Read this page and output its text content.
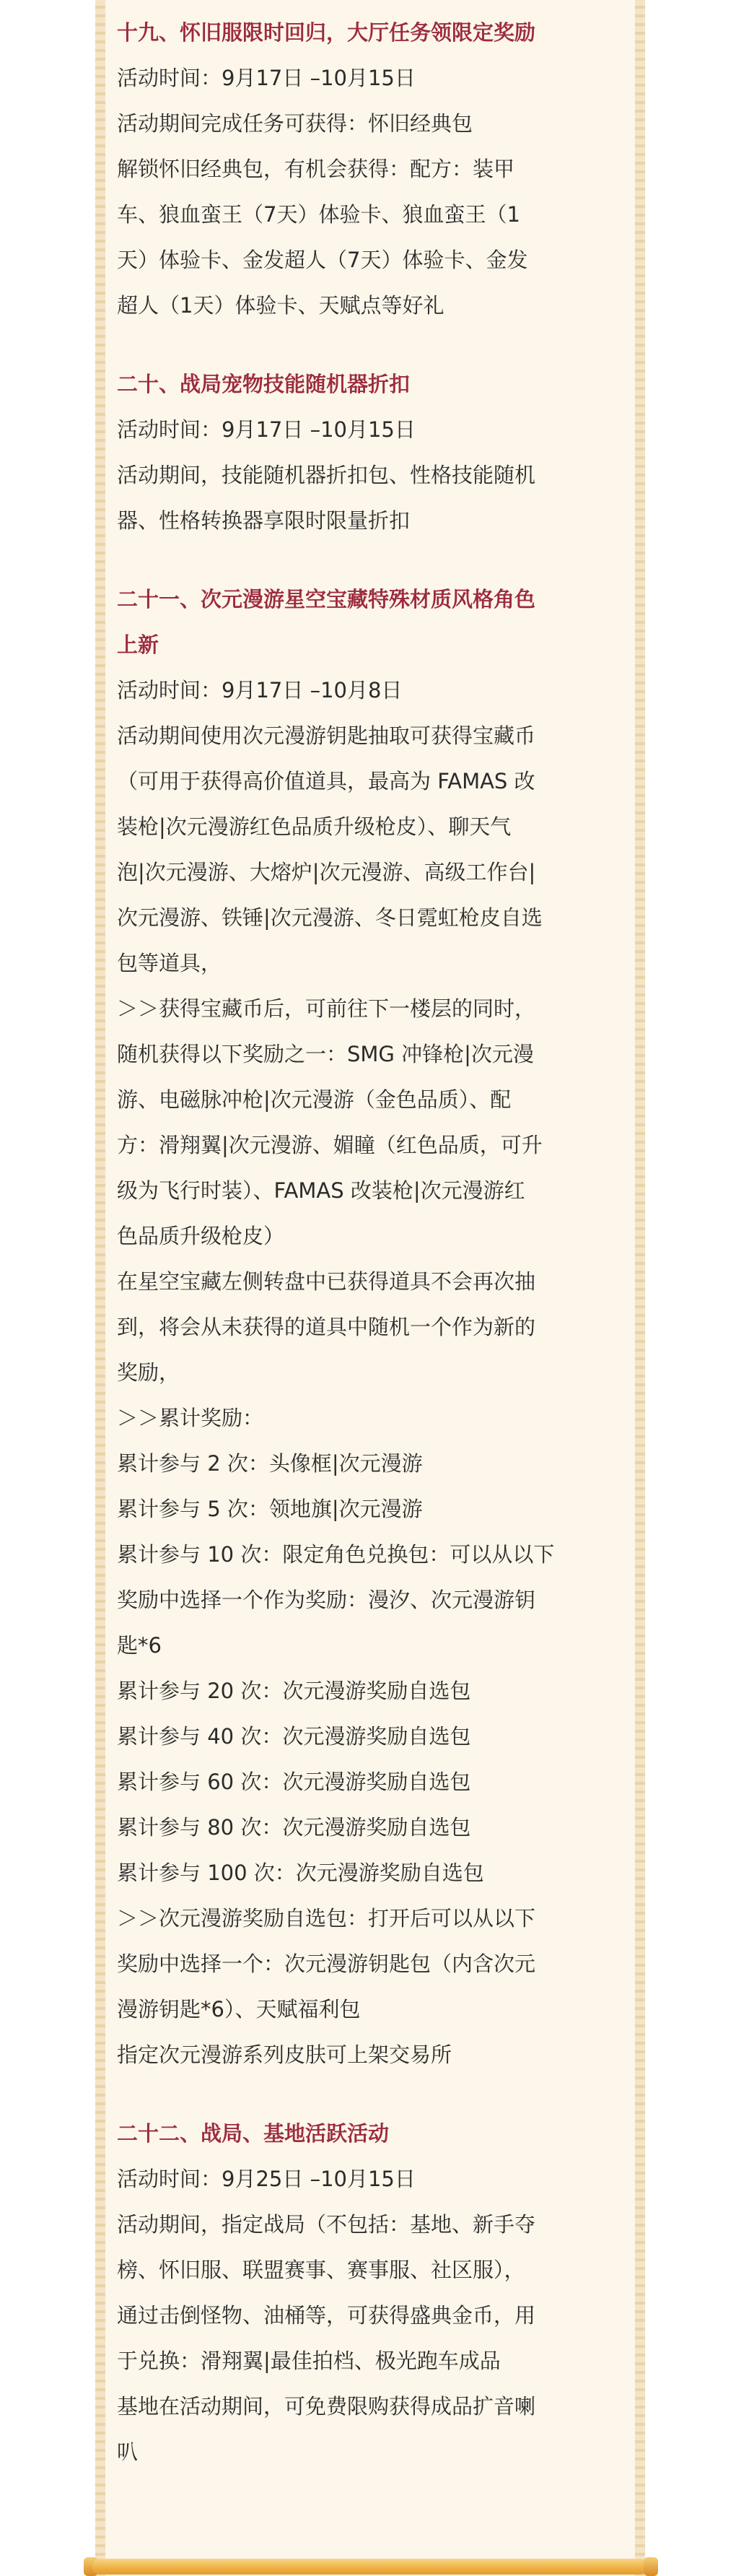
十九、怀旧服限时回归，大厅任务领限定奖励
活动时间：9月17日 –10月15日
活动期间完成任务可获得：怀旧经典包
解锁怀旧经典包，有机会获得：配方：装甲
车、狼血蛮王（7天）体验卡、狼血蛮王（1
天）体验卡、金发超人（7天）体验卡、金发
超人（1天）体验卡、天赋点等好礼
二十、战局宠物技能随机器折扣
活动时间：9月17日 –10月15日
活动期间，技能随机器折扣包、性格技能随机
器、性格转换器享限时限量折扣
二十一、次元漫游星空宝藏特殊材质风格角色
上新
活动时间：9月17日 –10月8日
活动期间使用次元漫游钥匙抽取可获得宝藏币
（可用于获得高价值道具，最高为 FAMAS 改
装枪|次元漫游红色品质升级枪皮）、聊天气
泡|次元漫游、大熔炉|次元漫游、高级工作台|
次元漫游、铁锤|次元漫游、冬日霓虹枪皮自选
包等道具，
＞＞获得宝藏币后，可前往下一楼层的同时，
随机获得以下奖励之一：SMG 冲锋枪|次元漫
游、电磁脉冲枪|次元漫游（金色品质）、配
方：滑翔翼|次元漫游、媚瞳（红色品质，可升
级为飞行时装）、FAMAS 改装枪|次元漫游红
色品质升级枪皮）
在星空宝藏左侧转盘中已获得道具不会再次抽
到，将会从未获得的道具中随机一个作为新的
奖励，
＞＞累计奖励：
累计参与 2 次：头像框|次元漫游
累计参与 5 次：领地旗|次元漫游
累计参与 10 次：限定角色兑换包：可以从以下
奖励中选择一个作为奖励：漫汐、次元漫游钥
匙*6
累计参与 20 次：次元漫游奖励自选包
累计参与 40 次：次元漫游奖励自选包
累计参与 60 次：次元漫游奖励自选包
累计参与 80 次：次元漫游奖励自选包
累计参与 100 次：次元漫游奖励自选包
＞＞次元漫游奖励自选包：打开后可以从以下
奖励中选择一个：次元漫游钥匙包（内含次元
漫游钥匙*6）、天赋福利包
指定次元漫游系列皮肤可上架交易所
二十二、战局、基地活跃活动
活动时间：9月25日 –10月15日
活动期间，指定战局（不包括：基地、新手夺
榜、怀旧服、联盟赛事、赛事服、社区服），
通过击倒怪物、油桶等，可获得盛典金币，用
于兑换：滑翔翼|最佳拍档、极光跑车成品
基地在活动期间，可免费限购获得成品扩音喇
叭
